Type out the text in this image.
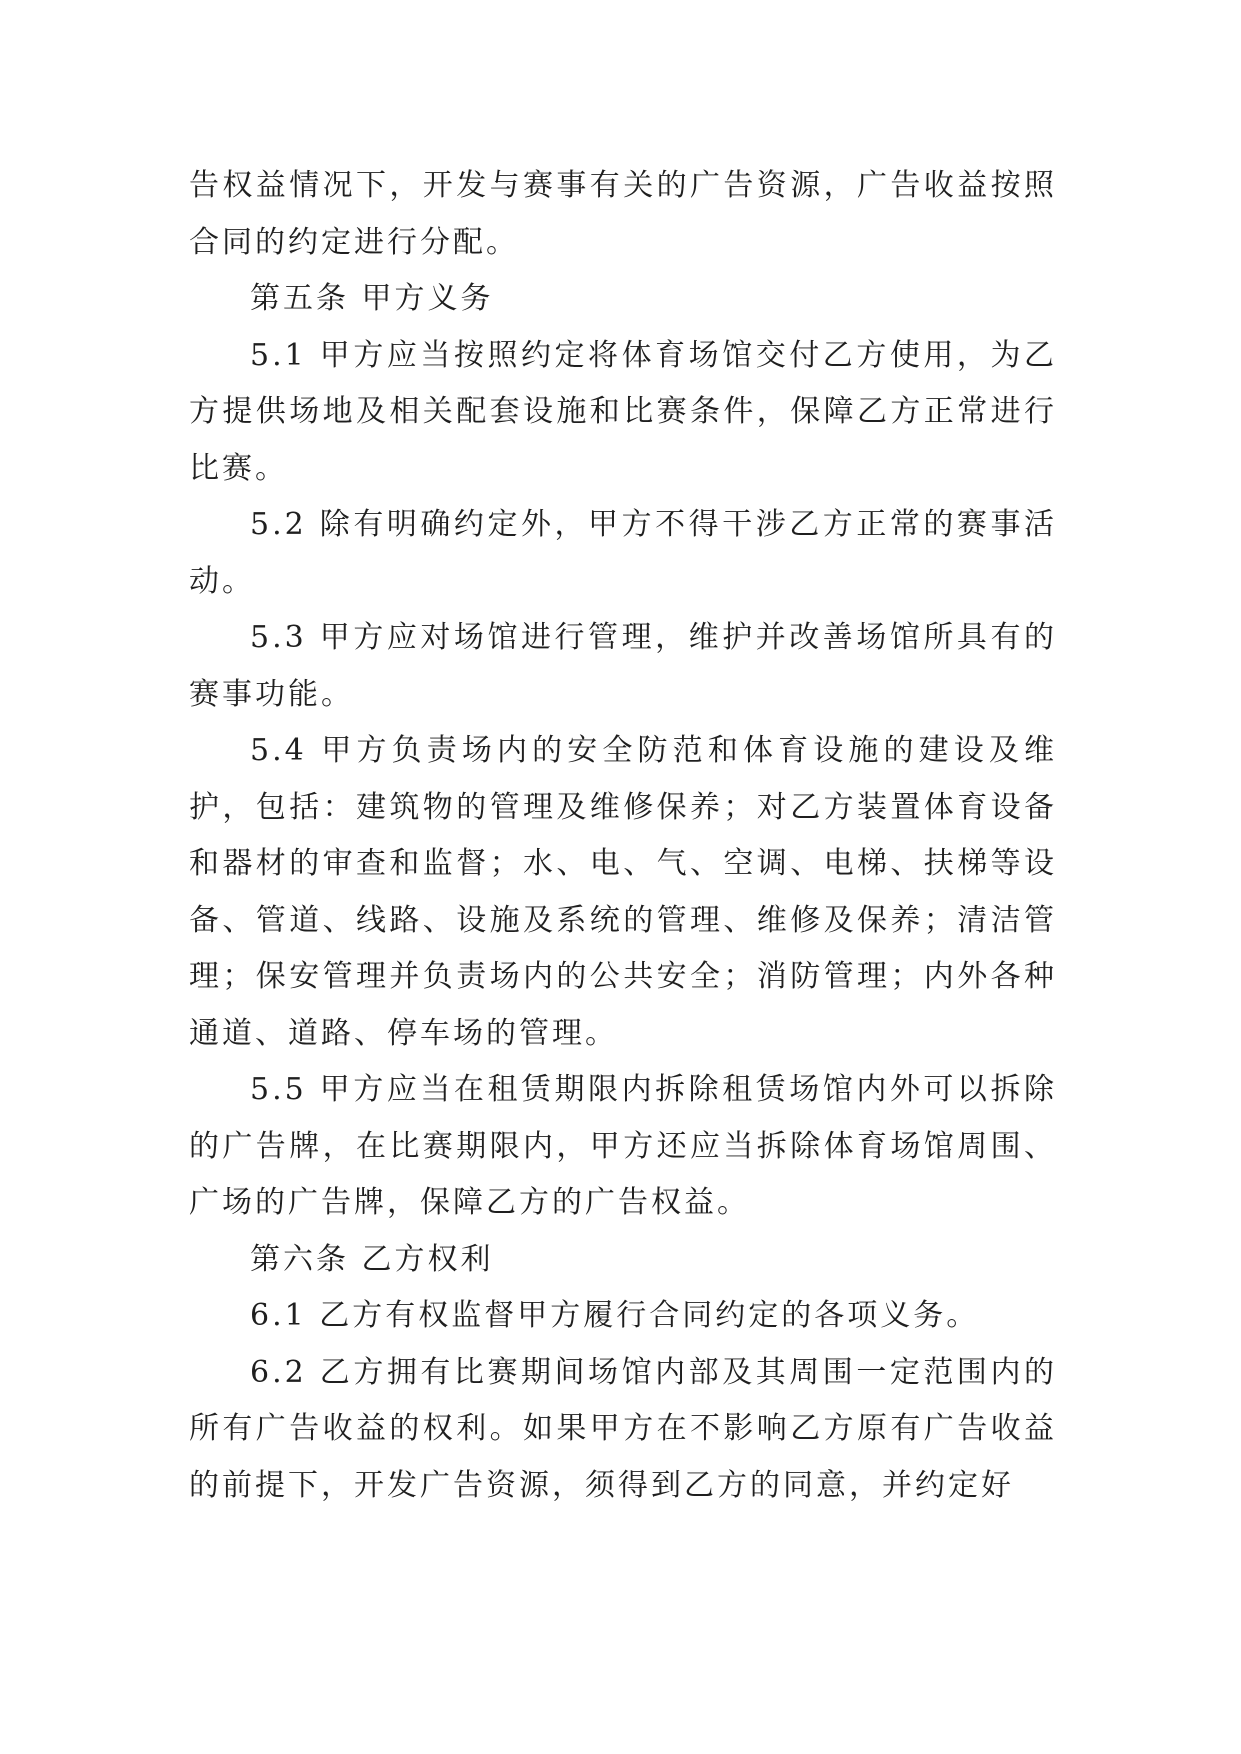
告权益情况下，开发与赛事有关的广告资源，广告收益按照合同的约定进行分配。

第五条 甲方义务

5.1 甲方应当按照约定将体育场馆交付乙方使用，为乙方提供场地及相关配套设施和比赛条件，保障乙方正常进行比赛。

5.2 除有明确约定外，甲方不得干涉乙方正常的赛事活动。

5.3 甲方应对场馆进行管理，维护并改善场馆所具有的赛事功能。

5.4 甲方负责场内的安全防范和体育设施的建设及维护，包括：建筑物的管理及维修保养；对乙方装置体育设备和器材的审查和监督；水、电、气、空调、电梯、扶梯等设备、管道、线路、设施及系统的管理、维修及保养；清洁管理；保安管理并负责场内的公共安全；消防管理；内外各种通道、道路、停车场的管理。

5.5 甲方应当在租赁期限内拆除租赁场馆内外可以拆除的广告牌，在比赛期限内，甲方还应当拆除体育场馆周围、广场的广告牌，保障乙方的广告权益。

第六条 乙方权利

6.1 乙方有权监督甲方履行合同约定的各项义务。

6.2 乙方拥有比赛期间场馆内部及其周围一定范围内的所有广告收益的权利。如果甲方在不影响乙方原有广告收益的前提下，开发广告资源，须得到乙方的同意，并约定好
